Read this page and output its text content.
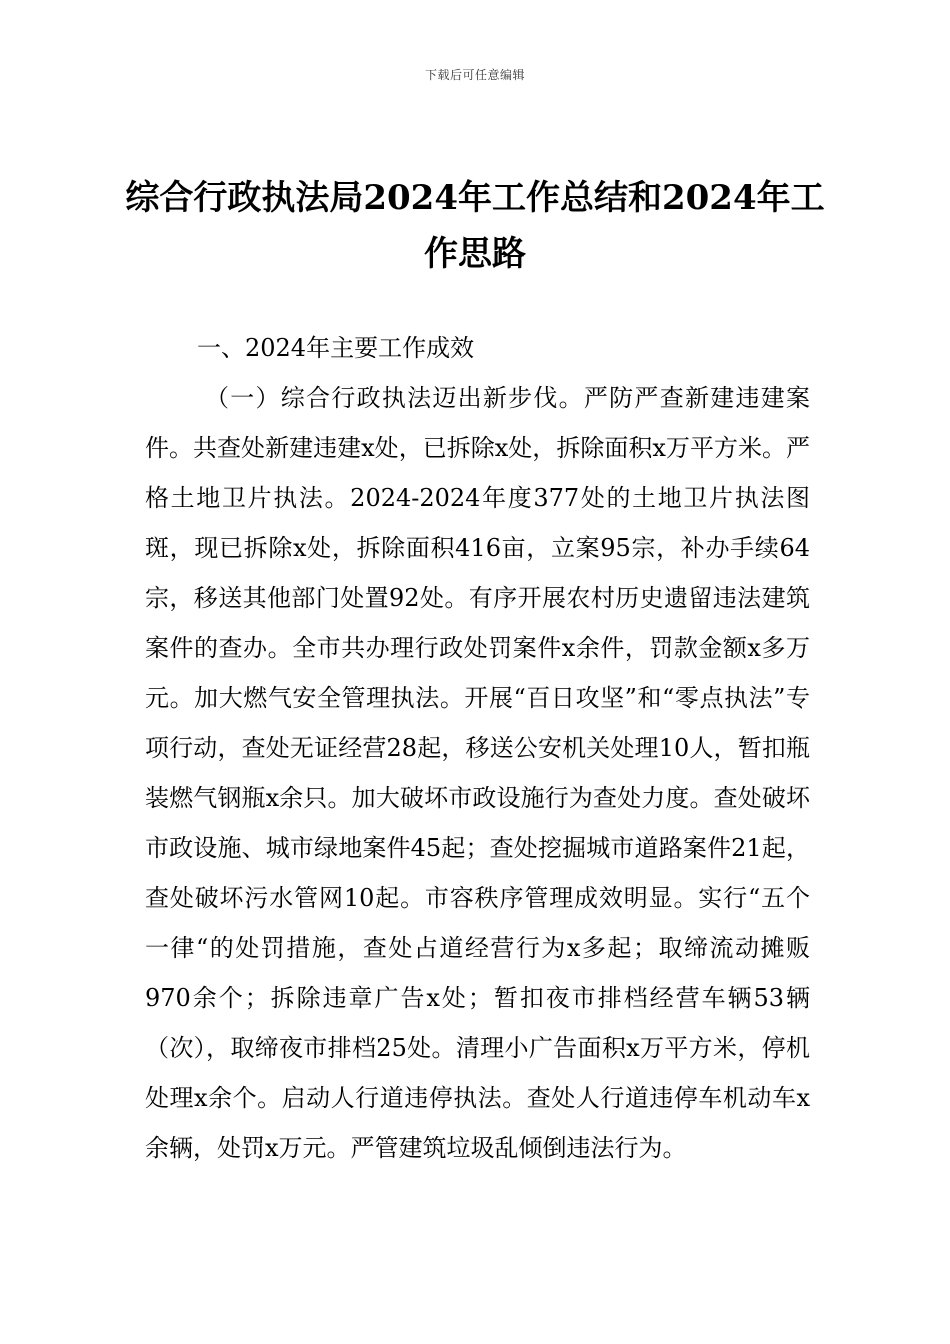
下载后可任意编辑
综合行政执法局2024年工作总结和2024年工作思路

一、2024年主要工作成效

（一）综合行政执法迈出新步伐。严防严查新建违建案件。共查处新建违建x处，已拆除x处，拆除面积x万平方米。严格土地卫片执法。2024-2024年度377处的土地卫片执法图斑，现已拆除x处，拆除面积416亩，立案95宗，补办手续64宗，移送其他部门处置92处。有序开展农村历史遗留违法建筑案件的查办。全市共办理行政处罚案件x余件，罚款金额x多万元。加大燃气安全管理执法。开展“百日攻坚”和“零点执法”专项行动，查处无证经营28起，移送公安机关处理10人，暂扣瓶装燃气钢瓶x余只。加大破坏市政设施行为查处力度。查处破坏市政设施、城市绿地案件45起；查处挖掘城市道路案件21起，查处破坏污水管网10起。市容秩序管理成效明显。实行“五个一律“的处罚措施，查处占道经营行为x多起；取缔流动摊贩970余个；拆除违章广告x处；暂扣夜市排档经营车辆53辆（次），取缔夜市排档25处。清理小广告面积x万平方米，停机处理x余个。启动人行道违停执法。查处人行道违停车机动车x余辆，处罚x万元。严管建筑垃圾乱倾倒违法行为。
